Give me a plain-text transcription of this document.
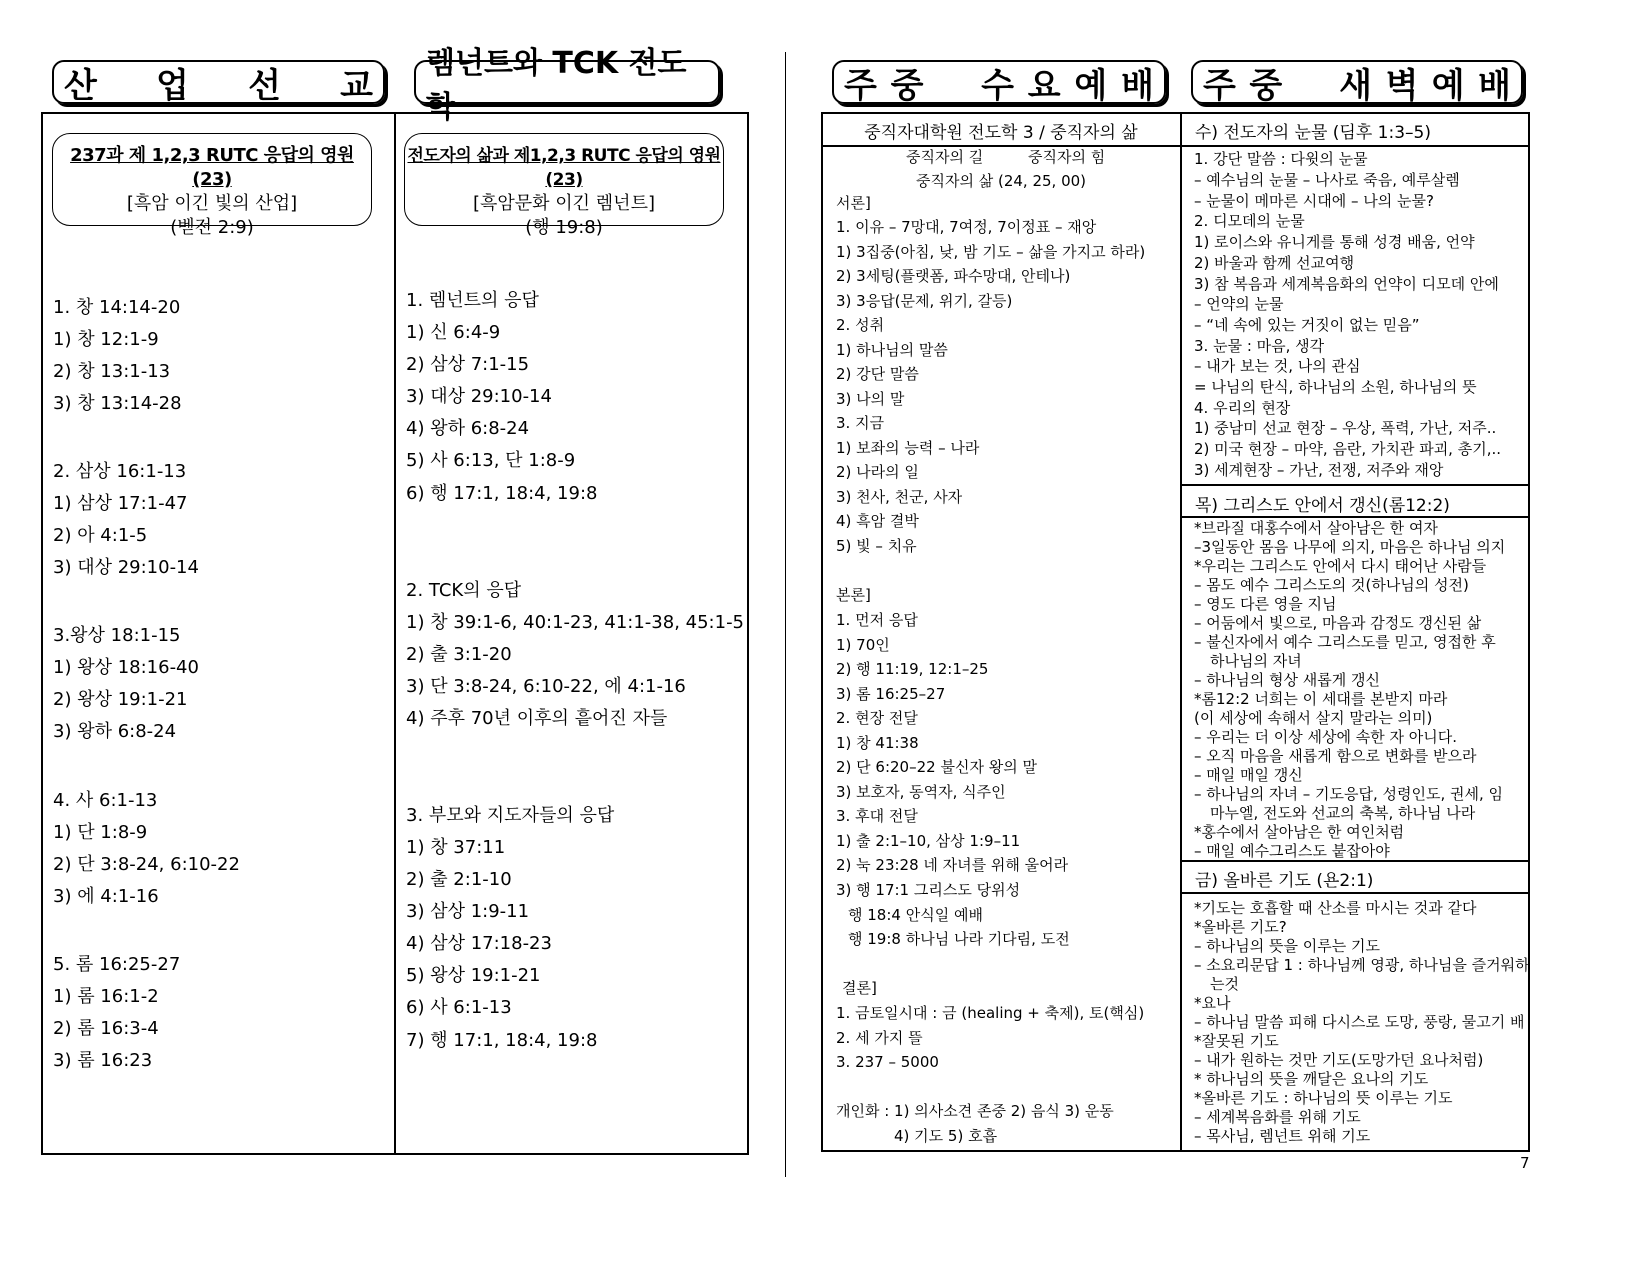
산 업 선 교
렘넌트와 TCK 전도학
주 중 수 요 예 배 주 중 새 벽 예 배
237과 제 1,2,3 RUTC 응답의 영원 (23)
[흑암 이긴 빛의 산업]
(벧전 2:9)
1. 창 14:14-20
1) 창 12:1-9
2) 창 13:1-13
3) 창 13:14-28
2. 삼상 16:1-13
1) 삼상 17:1-47
2) 아 4:1-5
3) 대상 29:10-14
3.왕상 18:1-15
1) 왕상 18:16-40
2) 왕상 19:1-21
3) 왕하 6:8-24
4. 사 6:1-13
1) 단 1:8-9
2) 단 3:8-24, 6:10-22
3) 에 4:1-16
5. 롬 16:25-27
1) 롬 16:1-2
2) 롬 16:3-4
3) 롬 16:23
전도자의 삶과 제1,2,3 RUTC 응답의 영원 (23)
[흑암문화 이긴 렘넌트]
(행 19:8)
1. 렘넌트의 응답
1) 신 6:4-9
2) 삼상 7:1-15
3) 대상 29:10-14
4) 왕하 6:8-24
5) 사 6:13, 단 1:8-9
6) 행 17:1, 18:4, 19:8
2. TCK의 응답
1) 창 39:1-6, 40:1-23, 41:1-38, 45:1-5
2) 출 3:1-20
3) 단 3:8-24, 6:10-22, 에 4:1-16
4) 주후 70년 이후의 흩어진 자들
3. 부모와 지도자들의 응답
1) 창 37:11
2) 출 2:1-10
3) 삼상 1:9-11
4) 삼상 17:18-23
5) 왕상 19:1-21
6) 사 6:1-13
7) 행 17:1, 18:4, 19:8
중직자대학원 전도학 3 / 중직자의 삶
중직자의 길	중직자의 힘
중직자의 삶 (24, 25, 00)
서론]
1. 이유 – 7망대, 7여정, 7이정표 – 재앙
1) 3집중(아침, 낮, 밤 기도 – 삶을 가지고 하라)
2) 3세팅(플랫폼, 파수망대, 안테나)
3) 3응답(문제, 위기, 갈등)
2. 성취
1) 하나님의 말씀
2) 강단 말씀
3) 나의 말
3. 지금
1) 보좌의 능력 – 나라
2) 나라의 일
3) 천사, 천군, 사자
4) 흑암 결박
5) 빛 – 치유
본론]
1. 먼저 응답
1) 70인
2) 행 11:19, 12:1–25
3) 롬 16:25–27
2. 현장 전달
1) 창 41:38
2) 단 6:20–22 불신자 왕의 말
3) 보호자, 동역자, 식주인
3. 후대 전달
1) 출 2:1–10, 삼상 1:9–11
2) 눅 23:28 네 자녀를 위해 울어라
3) 행 17:1 그리스도 당위성
행 18:4 안식일 예배
행 19:8 하나님 나라 기다림, 도전
결론]
1. 금토일시대 : 금 (healing + 축제), 토(핵심)
2. 세 가지 뜰
3. 237 – 5000
개인화 : 1) 의사소견 존중 2) 음식 3) 운동
4) 기도 5) 호흡
수) 전도자의 눈물 (딤후 1:3–5)
1. 강단 말씀 : 다윗의 눈물
– 예수님의 눈물 – 나사로 죽음, 예루살렘
– 눈물이 메마른 시대에 – 나의 눈물?
2. 디모데의 눈물
1) 로이스와 유니게를 통해 성경 배움, 언약
2) 바울과 함께 선교여행
3) 참 복음과 세계복음화의 언약이 디모데 안에
– 언약의 눈물
– “네 속에 있는 거짓이 없는 믿음”
3. 눈물 : 마음, 생각
– 내가 보는 것, 나의 관심
= 나님의 탄식, 하나님의 소원, 하나님의 뜻
4. 우리의 현장
1) 중남미 선교 현장 – 우상, 폭력, 가난, 저주..
2) 미국 현장 – 마약, 음란, 가치관 파괴, 총기,..
3) 세계현장 – 가난, 전쟁, 저주와 재앙
목) 그리스도 안에서 갱신(롬12:2)
*브라질 대홍수에서 살아남은 한 여자
–3일동안 몸음 나무에 의지, 마음은 하나님 의지
*우리는 그리스도 안에서 다시 태어난 사람들
– 몸도 예수 그리스도의 것(하나님의 성전)
– 영도 다른 영을 지님
– 어둠에서 빛으로, 마음과 감정도 갱신된 삶
– 불신자에서 예수 그리스도를 믿고, 영접한 후
하나님의 자녀
– 하나님의 형상 새롭게 갱신
*롬12:2 너희는 이 세대를 본받지 마라
(이 세상에 속해서 살지 말라는 의미)
– 우리는 더 이상 세상에 속한 자 아니다.
– 오직 마음을 새롭게 함으로 변화를 받으라
– 매일 매일 갱신
– 하나님의 자녀 – 기도응답, 성령인도, 권세, 임
마누엘, 전도와 선교의 축복, 하나님 나라
*홍수에서 살아남은 한 여인처럼
– 매일 예수그리스도 붙잡아야
금) 올바른 기도 (욘2:1)
*기도는 호흡할 때 산소를 마시는 것과 같다
*올바른 기도?
– 하나님의 뜻을 이루는 기도
– 소요리문답 1 : 하나님께 영광, 하나님을 즐거워하
는것
*요나
– 하나님 말씀 피해 다시스로 도망, 풍랑, 물고기 배
*잘못된 기도
– 내가 원하는 것만 기도(도망가던 요나처럼)
* 하나님의 뜻을 깨달은 요나의 기도
*올바른 기도 : 하나님의 뜻 이루는 기도
– 세계복음화를 위해 기도
– 목사님, 렘넌트 위해 기도
7
